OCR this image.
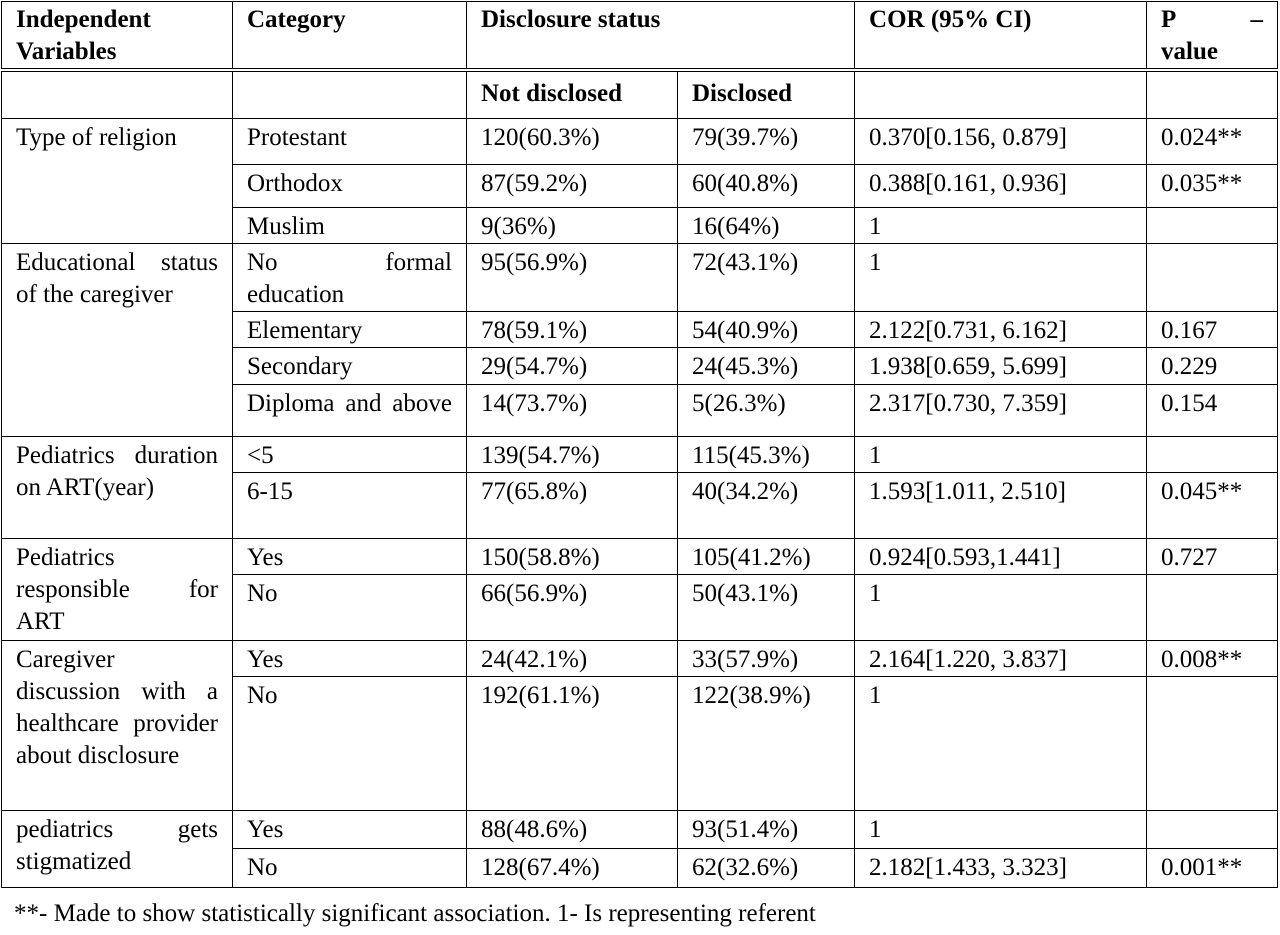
Independent Variables	Category	Disclosure status		COR (95% CI)	P –
value

		Not disclosed	Disclosed		
Type of religion	Protestant	120(60.3%)	79(39.7%)	0.370[0.156, 0.879]	0.024**
	Orthodox	87(59.2%)	60(40.8%)	0.388[0.161, 0.936]	0.035**
	Muslim	9(36%)	16(64%)	1	
Educational status of the caregiver	No formal education	95(56.9%)	72(43.1%)	1	
	Elementary	78(59.1%)	54(40.9%)	2.122[0.731, 6.162]	0.167
	Secondary	29(54.7%)	24(45.3%)	1.938[0.659, 5.699]	0.229
	Diploma and above	14(73.7%)	5(26.3%)	2.317[0.730, 7.359]	0.154
Pediatrics duration on ART(year)	<5	139(54.7%)	115(45.3%)	1	
	6-15	77(65.8%)	40(34.2%)	1.593[1.011, 2.510]	0.045**
Pediatrics responsible for ART	Yes	150(58.8%)	105(41.2%)	0.924[0.593,1.441]	0.727
	No	66(56.9%)	50(43.1%)	1	
Caregiver discussion with a healthcare provider about disclosure	Yes	24(42.1%)	33(57.9%)	2.164[1.220, 3.837]	0.008**
	No	192(61.1%)	122(38.9%)	1	
pediatrics gets stigmatized	Yes	88(48.6%)	93(51.4%)	1	
	No	128(67.4%)	62(32.6%)	2.182[1.433, 3.323]	0.001**
**- Made to show statistically significant association. 1- Is representing referent
